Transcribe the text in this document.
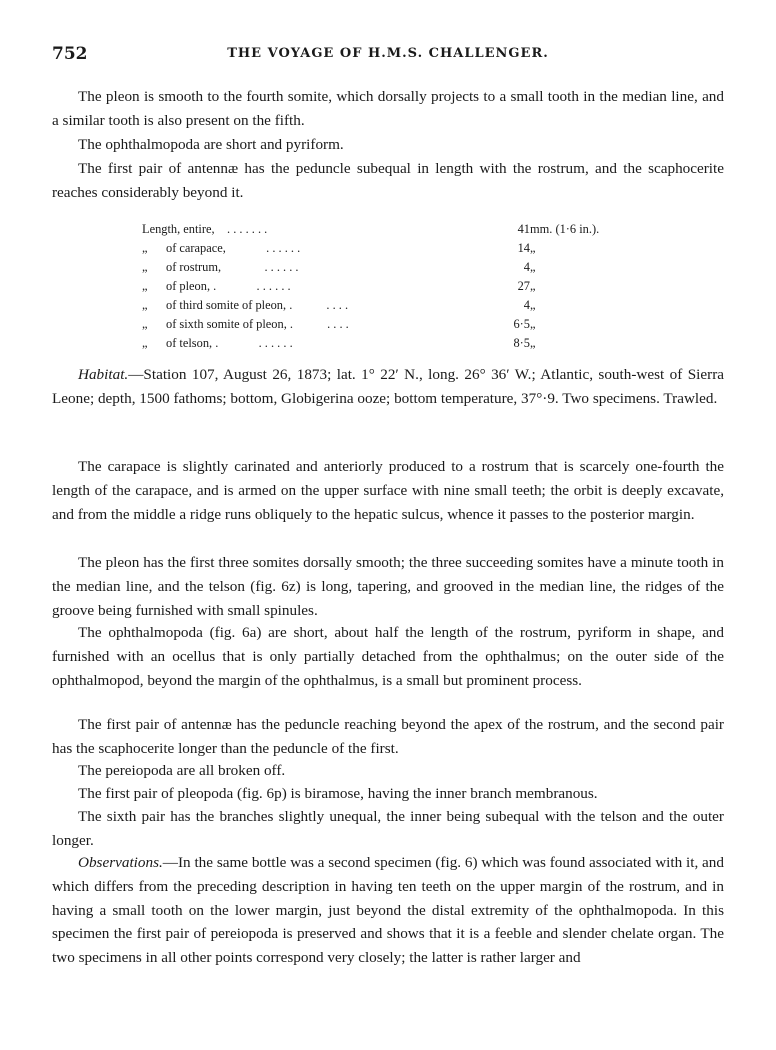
752	THE VOYAGE OF H.M.S. CHALLENGER.

The pleon is smooth to the fourth somite, which dorsally projects to a small tooth in the median line, and a similar tooth is also present on the fifth.

The ophthalmopoda are short and pyriform.

The first pair of antennæ has the peduncle subequal in length with the rostrum, and the scaphocerite reaches considerably beyond it.

Length, entire, . . . . . . .		41	mm. (1·6 in.).
„	of carapace, . . . . . .	14	„
„	of rostrum, . . . . . .	4	„
„	of pleon, . . . . . . .	27	„
„	of third somite of pleon, . . . . .	4	„
„	of sixth somite of pleon, . . . . .	6·5	„
„	of telson, . . . . . . .	8·5	„

Habitat.—Station 107, August 26, 1873; lat. 1° 22′ N., long. 26° 36′ W.; Atlantic, south-west of Sierra Leone; depth, 1500 fathoms; bottom, Globigerina ooze; bottom temperature, 37°·9. Two specimens. Trawled.

The carapace is slightly carinated and anteriorly produced to a rostrum that is scarcely one-fourth the length of the carapace, and is armed on the upper surface with nine small teeth; the orbit is deeply excavate, and from the middle a ridge runs obliquely to the hepatic sulcus, whence it passes to the posterior margin.

The pleon has the first three somites dorsally smooth; the three succeeding somites have a minute tooth in the median line, and the telson (fig. 6z) is long, tapering, and grooved in the median line, the ridges of the groove being furnished with small spinules.

The ophthalmopoda (fig. 6a) are short, about half the length of the rostrum, pyriform in shape, and furnished with an ocellus that is only partially detached from the ophthalmus; on the outer side of the ophthalmopod, beyond the margin of the ophthalmus, is a small but prominent process.

The first pair of antennæ has the peduncle reaching beyond the apex of the rostrum, and the second pair has the scaphocerite longer than the peduncle of the first.

The pereiopoda are all broken off.

The first pair of pleopoda (fig. 6p) is biramose, having the inner branch membranous.

The sixth pair has the branches slightly unequal, the inner being subequal with the telson and the outer longer.

Observations.—In the same bottle was a second specimen (fig. 6) which was found associated with it, and which differs from the preceding description in having ten teeth on the upper margin of the rostrum, and in having a small tooth on the lower margin, just beyond the distal extremity of the ophthalmopoda. In this specimen the first pair of pereiopoda is preserved and shows that it is a feeble and slender chelate organ. The two specimens in all other points correspond very closely; the latter is rather larger and
